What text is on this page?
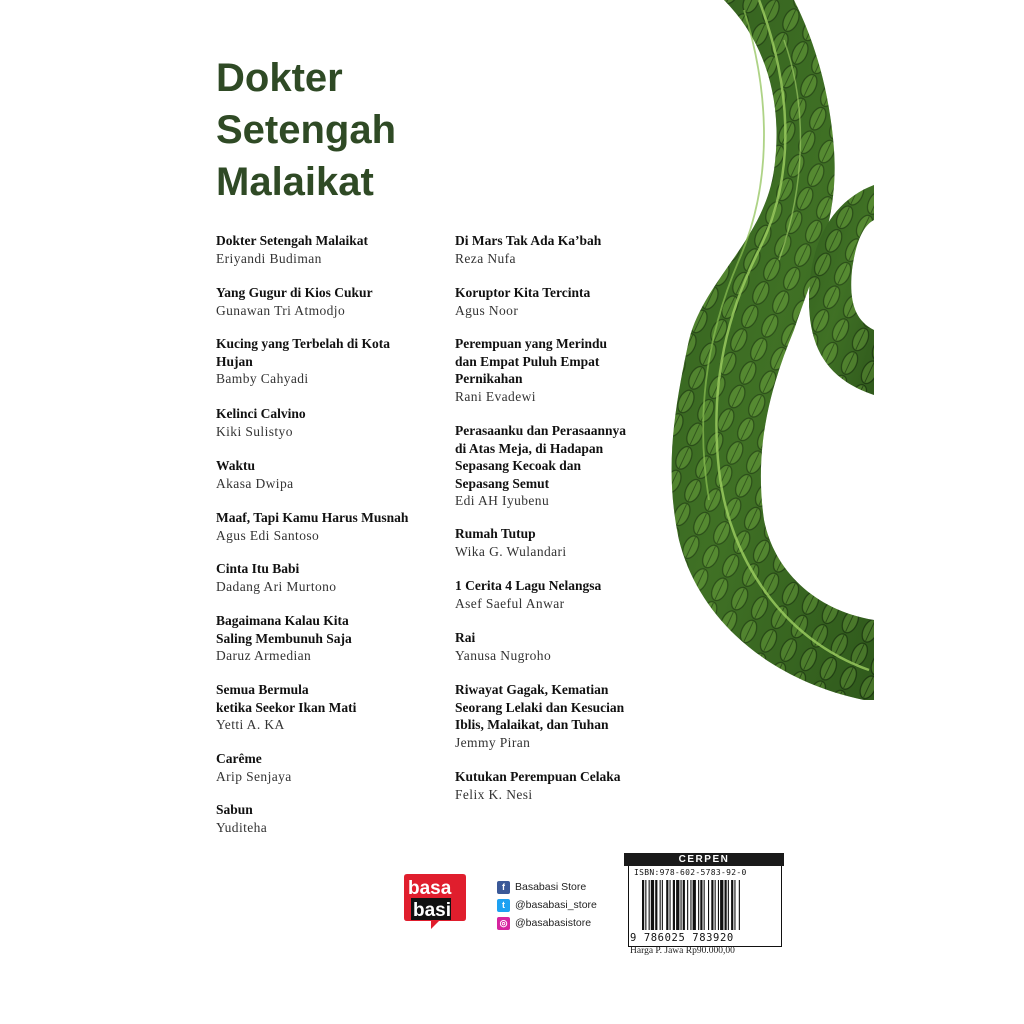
Dokter
Setengah
Malaikat
Dokter Setengah Malaikat
Eriyandi Budiman
Yang Gugur di Kios Cukur
Gunawan Tri Atmodjo
Kucing yang Terbelah di Kota
Hujan
Bamby Cahyadi
Kelinci Calvino
Kiki Sulistyo
Waktu
Akasa Dwipa
Maaf, Tapi Kamu Harus Musnah
Agus Edi Santoso
Cinta Itu Babi
Dadang Ari Murtono
Bagaimana Kalau Kita
Saling Membunuh Saja
Daruz Armedian
Semua Bermula
ketika Seekor Ikan Mati
Yetti A. KA
Carême
Arip Senjaya
Sabun
Yuditeha
Di Mars Tak Ada Ka’bah
Reza Nufa
Koruptor Kita Tercinta
Agus Noor
Perempuan yang Merindu
dan Empat Puluh Empat
Pernikahan
Rani Evadewi
Perasaanku dan Perasaannya
di Atas Meja, di Hadapan
Sepasang Kecoak dan
Sepasang Semut
Edi AH Iyubenu
Rumah Tutup
Wika G. Wulandari
1 Cerita 4 Lagu Nelangsa
Asef Saeful Anwar
Rai
Yanusa Nugroho
Riwayat Gagak, Kematian
Seorang Lelaki dan Kesucian
Iblis, Malaikat, dan Tuhan
Jemmy Piran
Kutukan Perempuan Celaka
Felix K. Nesi
basa
basi
f Basabasi Store
t @basabasi_store
◎ @basabasistore
CERPEN
ISBN:978-602-5783-92-0
9 786025 783920
Harga P. Jawa Rp90.000,00
